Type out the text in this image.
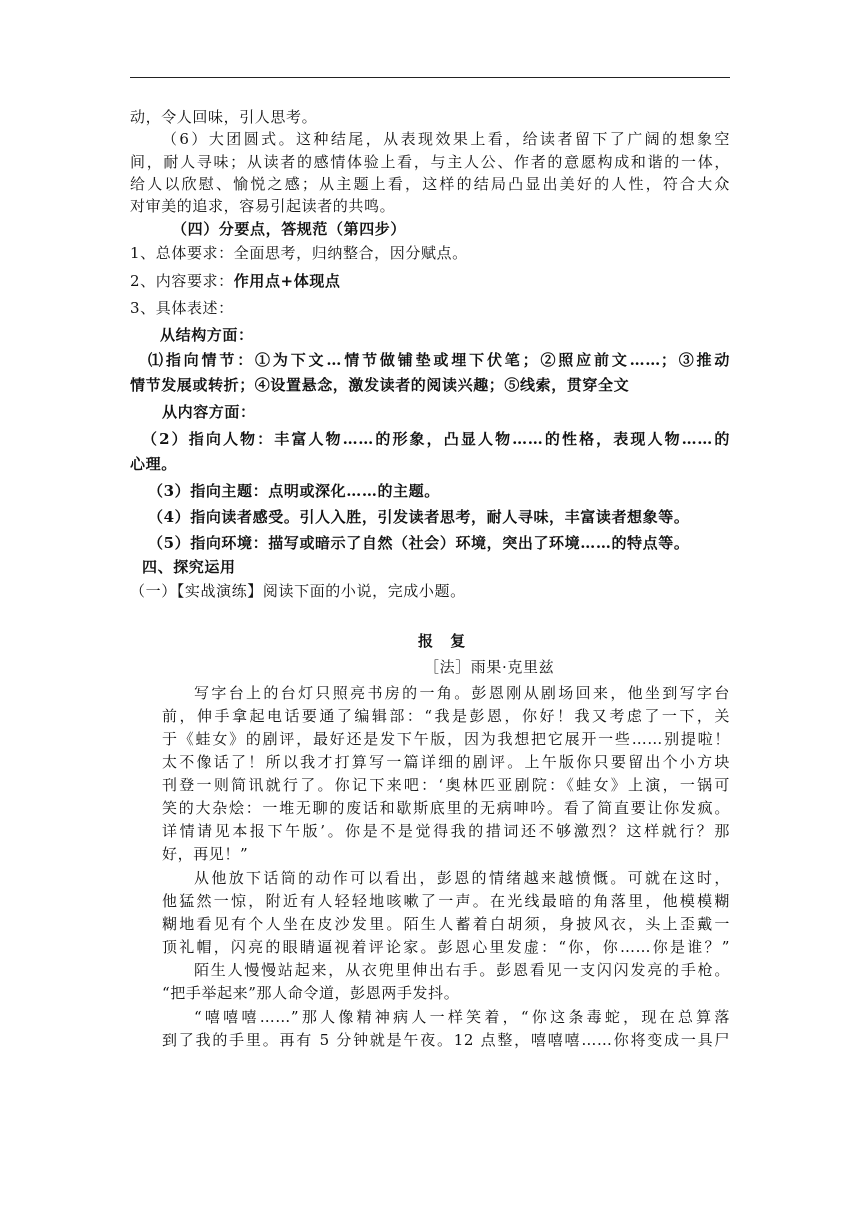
动，令人回味，引人思考。
（6）大团圆式。这种结尾，从表现效果上看，给读者留下了广阔的想象空
间，耐人寻味；从读者的感情体验上看，与主人公、作者的意愿构成和谐的一体，
给人以欣慰、愉悦之感；从主题上看，这样的结局凸显出美好的人性，符合大众
对审美的追求，容易引起读者的共鸣。
（四）分要点，答规范（第四步）
1、总体要求：全面思考，归纳整合，因分赋点。
2、内容要求：作用点+体现点
3、具体表述：
从结构方面：
⑴指向情节：①为下文…情节做铺垫或埋下伏笔；②照应前文……；③推动
情节发展或转折；④设置悬念，激发读者的阅读兴趣；⑤线索，贯穿全文
从内容方面：
（2）指向人物：丰富人物……的形象，凸显人物……的性格，表现人物……的
心理。
（3）指向主题：点明或深化……的主题。
（4）指向读者感受。引人入胜，引发读者思考，耐人寻味，丰富读者想象等。
（5）指向环境：描写或暗示了自然（社会）环境，突出了环境……的特点等。
四、探究运用
（一）【实战演练】阅读下面的小说，完成小题。
报 复
［法］雨果·克里兹
写字台上的台灯只照亮书房的一角。彭恩刚从剧场回来，他坐到写字台
前，伸手拿起电话要通了编辑部：“我是彭恩，你好！我又考虑了一下，关
于《蛙女》的剧评，最好还是发下午版，因为我想把它展开一些……别提啦！
太不像话了！所以我才打算写一篇详细的剧评。上午版你只要留出个小方块
刊登一则简讯就行了。你记下来吧：‘奥林匹亚剧院：《蛙女》上演，一锅可
笑的大杂烩：一堆无聊的废话和歇斯底里的无病呻吟。看了简直要让你发疯。
详情请见本报下午版’。你是不是觉得我的措词还不够激烈？这样就行？那
好，再见！”
从他放下话筒的动作可以看出，彭恩的情绪越来越愤慨。可就在这时，
他猛然一惊，附近有人轻轻地咳嗽了一声。在光线最暗的角落里，他模模糊
糊地看见有个人坐在皮沙发里。陌生人蓄着白胡须，身披风衣，头上歪戴一
顶礼帽，闪亮的眼睛逼视着评论家。彭恩心里发虚：“你，你……你是谁？”
陌生人慢慢站起来，从衣兜里伸出右手。彭恩看见一支闪闪发亮的手枪。
“把手举起来”那人命令道，彭恩两手发抖。
“嘻嘻嘻……”那人像精神病人一样笑着，“你这条毒蛇，现在总算落
到了我的手里。再有 5 分钟就是午夜。12 点整，嘻嘻嘻……你将变成一具尸
